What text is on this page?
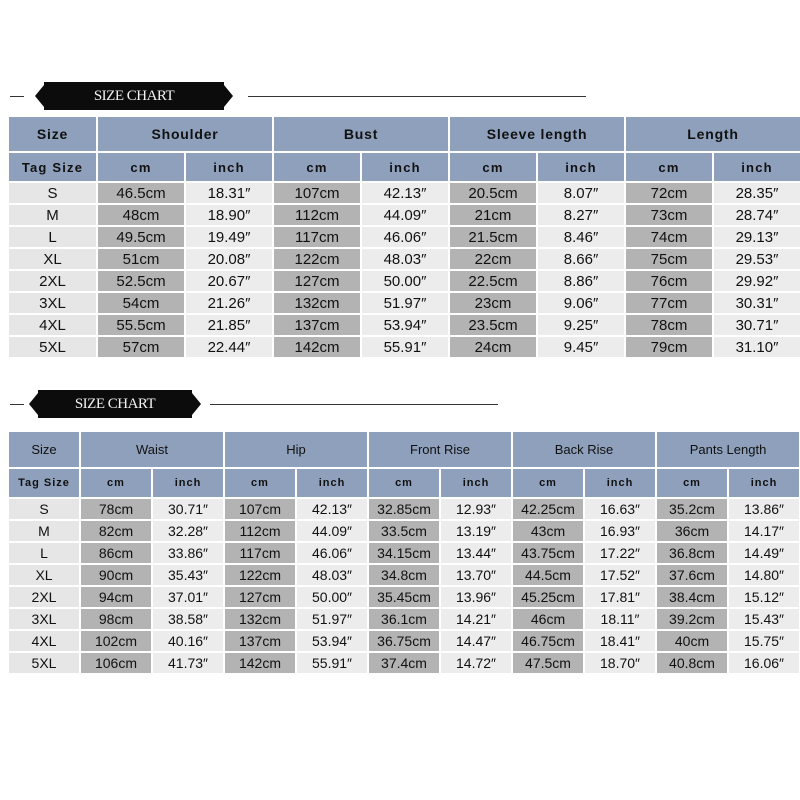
SIZE CHART
Size	Shoulder		Bust		Sleeve length		Length	
Tag Size	cm	inch	cm	inch	cm	inch	cm	inch
S	46.5cm	18.31″	107cm	42.13″	20.5cm	8.07″	72cm	28.35″
M	48cm	18.90″	112cm	44.09″	21cm	8.27″	73cm	28.74″
L	49.5cm	19.49″	117cm	46.06″	21.5cm	8.46″	74cm	29.13″
XL	51cm	20.08″	122cm	48.03″	22cm	8.66″	75cm	29.53″
2XL	52.5cm	20.67″	127cm	50.00″	22.5cm	8.86″	76cm	29.92″
3XL	54cm	21.26″	132cm	51.97″	23cm	9.06″	77cm	30.31″
4XL	55.5cm	21.85″	137cm	53.94″	23.5cm	9.25″	78cm	30.71″
5XL	57cm	22.44″	142cm	55.91″	24cm	9.45″	79cm	31.10″
SIZE CHART
Size	Waist		Hip		Front Rise		Back Rise		Pants Length	
Tag Size	cm	inch	cm	inch	cm	inch	cm	inch	cm	inch
S	78cm	30.71″	107cm	42.13″	32.85cm	12.93″	42.25cm	16.63″	35.2cm	13.86″
M	82cm	32.28″	112cm	44.09″	33.5cm	13.19″	43cm	16.93″	36cm	14.17″
L	86cm	33.86″	117cm	46.06″	34.15cm	13.44″	43.75cm	17.22″	36.8cm	14.49″
XL	90cm	35.43″	122cm	48.03″	34.8cm	13.70″	44.5cm	17.52″	37.6cm	14.80″
2XL	94cm	37.01″	127cm	50.00″	35.45cm	13.96″	45.25cm	17.81″	38.4cm	15.12″
3XL	98cm	38.58″	132cm	51.97″	36.1cm	14.21″	46cm	18.11″	39.2cm	15.43″
4XL	102cm	40.16″	137cm	53.94″	36.75cm	14.47″	46.75cm	18.41″	40cm	15.75″
5XL	106cm	41.73″	142cm	55.91″	37.4cm	14.72″	47.5cm	18.70″	40.8cm	16.06″
